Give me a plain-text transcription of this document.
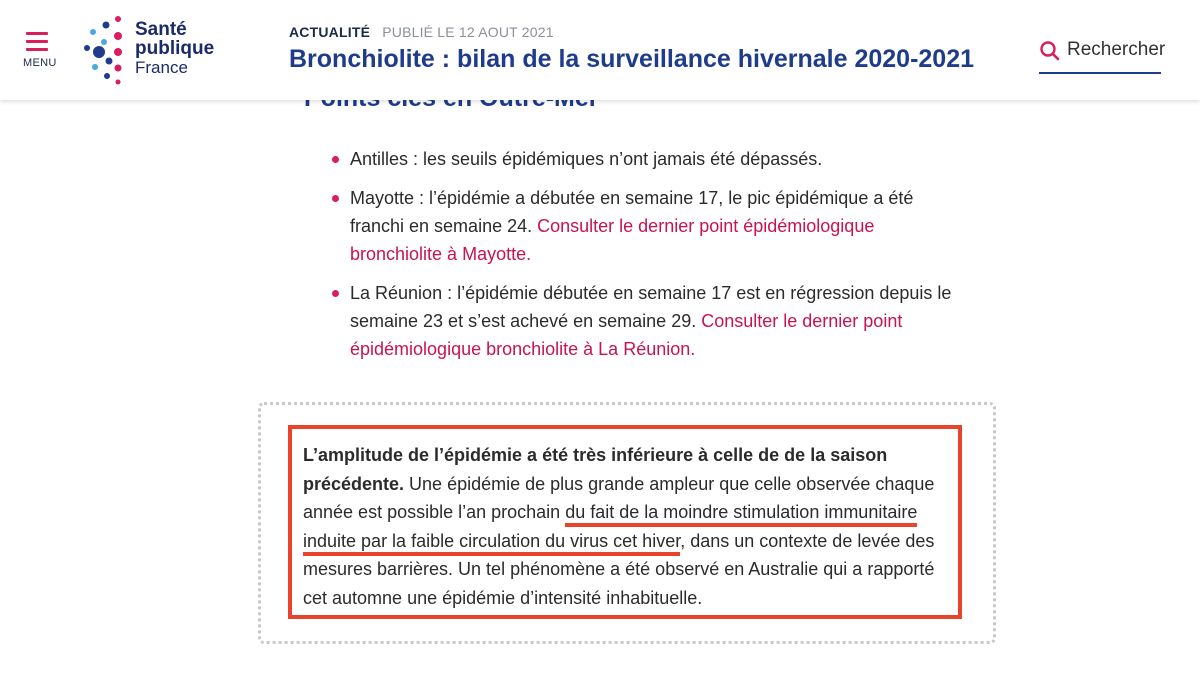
MENU
Santé
publique
France
ACTUALITÉ PUBLIÉ LE 12 AOUT 2021
Bronchiolite : bilan de la surveillance hivernale 2020-2021	Rechercher
Antilles : les seuils épidémiques n’ont jamais été dépassés.
Mayotte : l’épidémie a débutée en semaine 17, le pic épidémique a été franchi en semaine 24. Consulter le dernier point épidémiologique bronchiolite à Mayotte.
La Réunion : l’épidémie débutée en semaine 17 est en régression depuis le semaine 23 et s’est achevé en semaine 29. Consulter le dernier point épidémiologique bronchiolite à La Réunion.

L’amplitude de l’épidémie a été très inférieure à celle de de la saison précédente. Une épidémie de plus grande ampleur que celle observée chaque année est possible l’an prochain du fait de la moindre stimulation immunitaire induite par la faible circulation du virus cet hiver, dans un contexte de levée des mesures barrières. Un tel phénomène a été observé en Australie qui a rapporté cet automne une épidémie d’intensité inhabituelle.
